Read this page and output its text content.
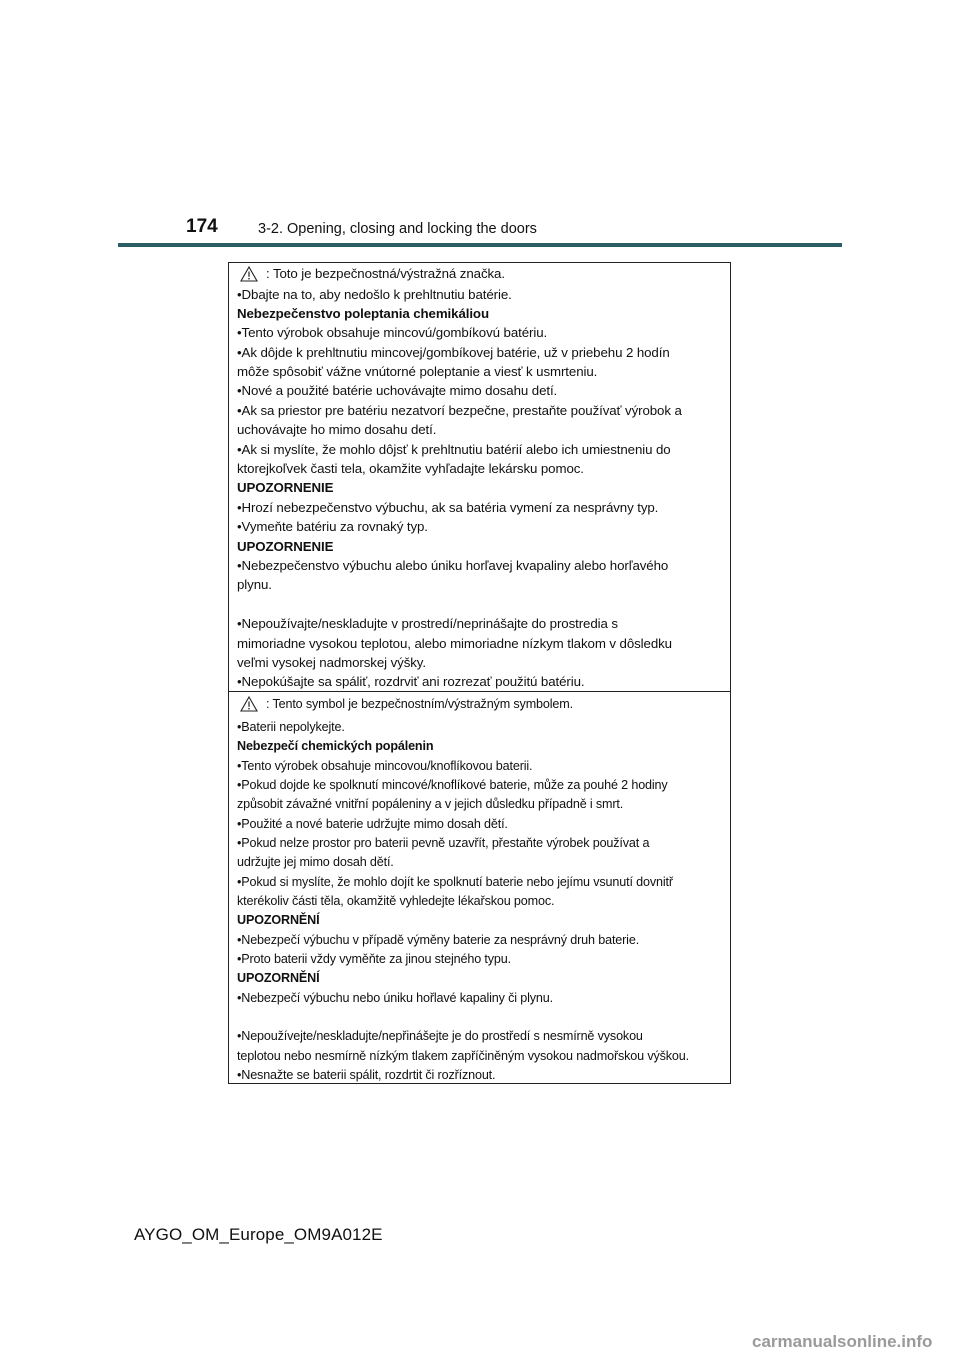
174	3-2. Opening, closing and locking the doors
: Toto je bezpečnostná/výstražná značka.
•Dbajte na to, aby nedošlo k prehltnutiu batérie.
Nebezpečenstvo poleptania chemikáliou
•Tento výrobok obsahuje mincovú/gombíkovú batériu.
•Ak dôjde k prehltnutiu mincovej/gombíkovej batérie, už v priebehu 2 hodín
môže spôsobiť vážne vnútorné poleptanie a viesť k usmrteniu.
•Nové a použité batérie uchovávajte mimo dosahu detí.
•Ak sa priestor pre batériu nezatvorí bezpečne, prestaňte používať výrobok a
uchovávajte ho mimo dosahu detí.
•Ak si myslíte, že mohlo dôjsť k prehltnutiu batérií alebo ich umiestneniu do
ktorejkoľvek časti tela, okamžite vyhľadajte lekársku pomoc.
UPOZORNENIE
•Hrozí nebezpečenstvo výbuchu, ak sa batéria vymení za nesprávny typ.
•Vymeňte batériu za rovnaký typ.
UPOZORNENIE
•Nebezpečenstvo výbuchu alebo úniku horľavej kvapaliny alebo horľavého
plynu.
•Nepoužívajte/neskladujte v prostredí/neprinášajte do prostredia s
mimoriadne vysokou teplotou, alebo mimoriadne nízkym tlakom v dôsledku
veľmi vysokej nadmorskej výšky.
•Nepokúšajte sa spáliť, rozdrviť ani rozrezať použitú batériu.
: Tento symbol je bezpečnostním/výstražným symbolem.
•Baterii nepolykejte.
Nebezpečí chemických popálenin
•Tento výrobek obsahuje mincovou/knoflíkovou baterii.
•Pokud dojde ke spolknutí mincové/knoflíkové baterie, může za pouhé 2 hodiny
způsobit závažné vnitřní popáleniny a v jejich důsledku případně i smrt.
•Použité a nové baterie udržujte mimo dosah dětí.
•Pokud nelze prostor pro baterii pevně uzavřít, přestaňte výrobek používat a
udržujte jej mimo dosah dětí.
•Pokud si myslíte, že mohlo dojít ke spolknutí baterie nebo jejímu vsunutí dovnitř
kterékoliv části těla, okamžitě vyhledejte lékařskou pomoc.
UPOZORNĚNÍ
•Nebezpečí výbuchu v případě výměny baterie za nesprávný druh baterie.
•Proto baterii vždy vyměňte za jinou stejného typu.
UPOZORNĚNÍ
•Nebezpečí výbuchu nebo úniku hořlavé kapaliny či plynu.
•Nepoužívejte/neskladujte/nepřinášejte je do prostředí s nesmírně vysokou
teplotou nebo nesmírně nízkým tlakem zapříčiněným vysokou nadmořskou výškou.
•Nesnažte se baterii spálit, rozdrtit či rozříznout.
AYGO_OM_Europe_OM9A012E
carmanualsonline.info
